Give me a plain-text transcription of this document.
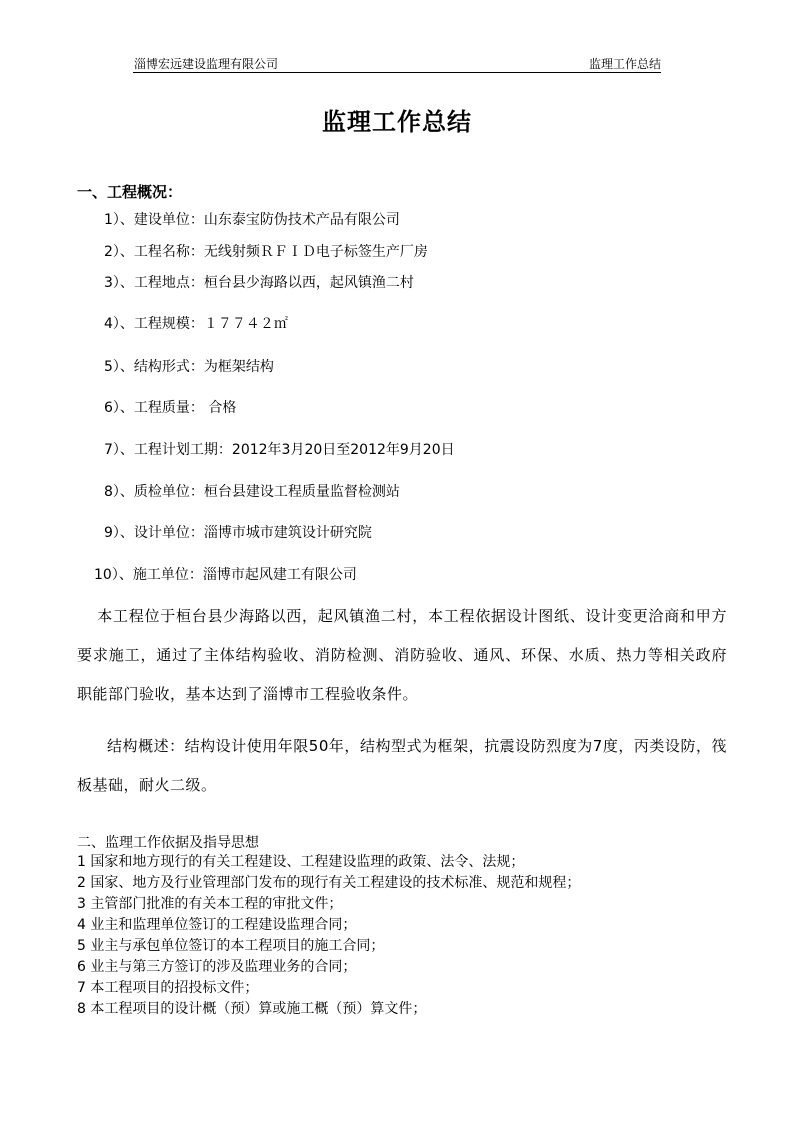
淄博宏远建设监理有限公司	监理工作总结
监理工作总结
一、工程概况：
1）、建设单位：山东泰宝防伪技术产品有限公司
2）、工程名称：无线射频ＲＦＩＤ电子标签生产厂房
3）、工程地点：桓台县少海路以西，起风镇渔二村
4）、工程规模：１７７４２㎡
5）、结构形式：为框架结构
6）、工程质量： 合格
7）、工程计划工期：2012年3月20日至2012年9月20日
8）、质检单位：桓台县建设工程质量监督检测站
9）、设计单位：淄博市城市建筑设计研究院
10）、施工单位：淄博市起风建工有限公司
本工程位于桓台县少海路以西，起风镇渔二村，本工程依据设计图纸、设计变更洽商和甲方要求施工，通过了主体结构验收、消防检测、消防验收、通风、环保、水质、热力等相关政府职能部门验收，基本达到了淄博市工程验收条件。
结构概述：结构设计使用年限50年，结构型式为框架，抗震设防烈度为7度，丙类设防，筏板基础，耐火二级。
二、监理工作依据及指导思想
1 国家和地方现行的有关工程建设、工程建设监理的政策、法令、法规；
2 国家、地方及行业管理部门发布的现行有关工程建设的技术标准、规范和规程；
3 主管部门批准的有关本工程的审批文件；
4 业主和监理单位签订的工程建设监理合同；
5 业主与承包单位签订的本工程项目的施工合同；
6 业主与第三方签订的涉及监理业务的合同；
7 本工程项目的招投标文件；
8 本工程项目的设计概（预）算或施工概（预）算文件；
